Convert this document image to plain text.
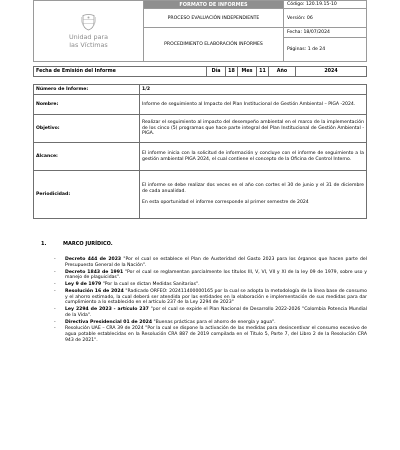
Unidad para
las Víctimas
FORMATO DE INFORMES
PROCESO EVALUACIÓN INDEPENDIENTE
PROCEDIMIENTO ELABORACIÓN INFORMES
Código: 120.19.15-10
Versión: 06
Fecha: 18/07/2024
Páginas: 1 de 24
Fecha de Emisión del Informe	Día	18	Mes	11	Año	2024
Número de Informe:	1/2
Nombre:	Informe de seguimiento al Impacto del Plan Institucional de Gestión Ambiental – PIGA -2024.
Objetivo:	Realizar el seguimiento al impacto del desempeño ambiental en el marco de la implementación de los cinco (5) programas que hace parte integral del Plan Institucional de Gestión Ambiental - PIGA.
Alcance:	El informe inicia con la solicitud de información y concluye con el informe de seguimiento a la gestión ambiental PIGA 2024, el cual contiene el concepto de la Oficina de Control Interno.
Periodicidad:	El informe se debe realizar dos veces en el año con cortes el 30 de junio y el 31 de diciembre de cada anualidad.
En esta oportunidad el informe corresponde al primer semestre de 2024
1.	MARCO JURÍDICO.
- Decreto 444 de 2023 "Por el cual se establece el Plan de Austeridad del Gasto 2023 para los órganos que hacen parte del Presupuesto General de la Nación".
- Decreto 1843 de 1991 "Por el cual se reglamentan parcialmente los títulos III, V, VI, VII y XI de la ley 09 de 1979, sobre uso y manejo de plaguicidas".
- Ley 9 de 1979 "Por la cual se dictan Medidas Sanitarias".
- Resolución 16 de 2024 "Radicado ORFEO: 202411400000165 por la cual se adopta la metodología de la línea base de consumo y el ahorro estimado, la cual deberá ser atendida por las entidades en la elaboración e implementación de sus medidas para dar cumplimiento a lo establecido en el artículo 237 de la Ley 2294 de 2023"
- Ley 2294 de 2023 - artículo 237 "por el cual se expide el Plan Nacional de Desarrollo 2022-2026 "Colombia Potencia Mundial de la Vida".
- Directiva Presidencial 01 de 2024 "Buenas prácticas para el ahorro de energía y agua".
- Resolución UAE – CRA 39 de 2024 "Por la cual se dispone la activación de las medidas para desincentivar el consumo excesivo de agua potable establecidas en la Resolución CRA 887 de 2019 compilada en el Título 5, Parte 7, del Libro 2 de la Resolución CRA 943 de 2021".
